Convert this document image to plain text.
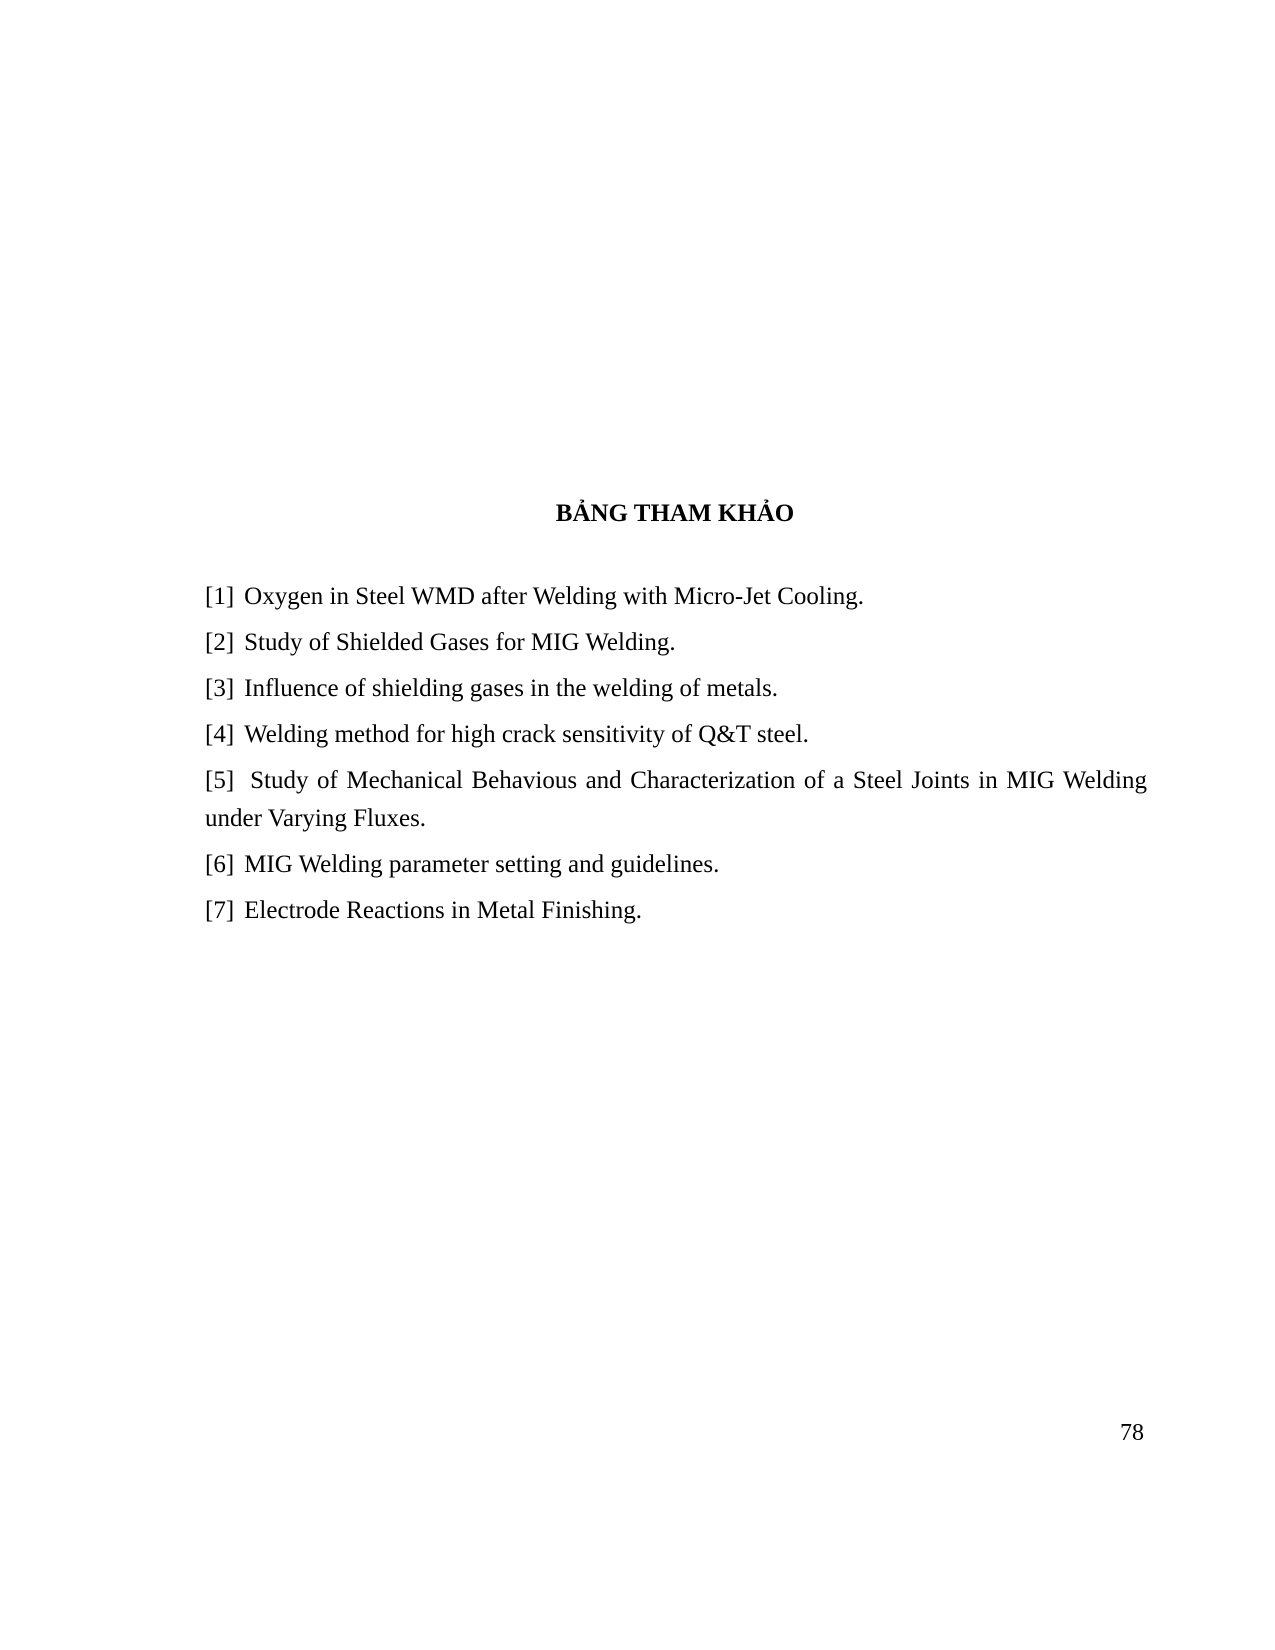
BẢNG THAM KHẢO

[1] Oxygen in Steel WMD after Welding with Micro-Jet Cooling.

[2] Study of Shielded Gases for MIG Welding.

[3] Influence of shielding gases in the welding of metals.

[4] Welding method for high crack sensitivity of Q&T steel.

[5] Study of Mechanical Behavious and Characterization of a Steel Joints in MIG Welding under Varying Fluxes.

[6] MIG Welding parameter setting and guidelines.

[7] Electrode Reactions in Metal Finishing.

78
